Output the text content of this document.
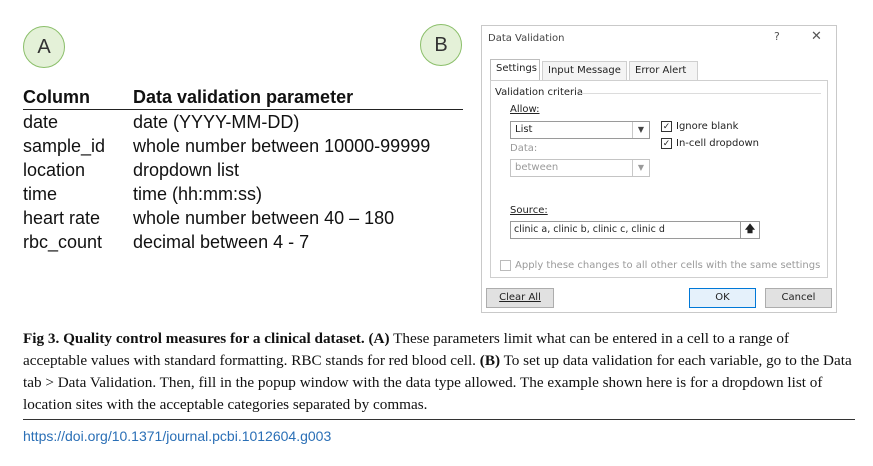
A	B
Column	Data validation parameter
date	date (YYYY-MM-DD)
sample_id	whole number between 10000-99999
location	dropdown list
time	time (hh:mm:ss)
heart rate	whole number between 40 – 180
rbc_count	decimal between 4 - 7
Data Validation	? ✕
Settings	Input Message	Error Alert
Validation criteria
Allow:
List	▼	✓ Ignore blank
✓ In-cell dropdown
Data:
between	▼
Source:
clinic a, clinic b, clinic c, clinic d	🡅
Apply these changes to all other cells with the same settings
Clear All	OK	Cancel
Fig 3. Quality control measures for a clinical dataset. (A) These parameters limit what can be entered in a cell to a range of acceptable values with standard formatting. RBC stands for red blood cell. (B) To set up data validation for each variable, go to the Data tab > Data Validation. Then, fill in the popup window with the data type allowed. The example shown here is for a dropdown list of location sites with the acceptable categories separated by commas.
https://doi.org/10.1371/journal.pcbi.1012604.g003
